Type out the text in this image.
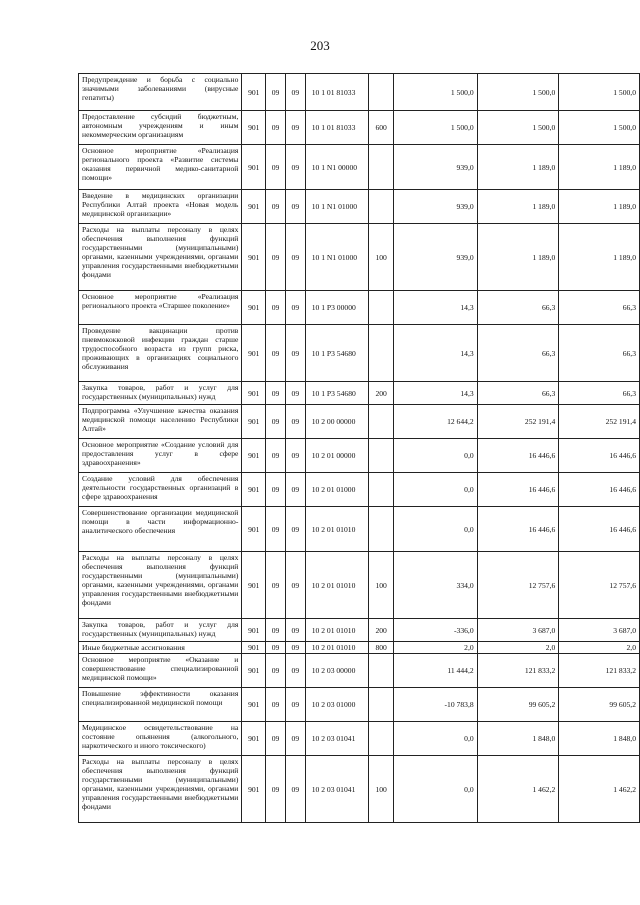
203
Предупреждение и борьба с социально значимыми заболеваниями (вирусные гепатиты)	901	09	09	10 1 01 81033		1 500,0	1 500,0	1 500,0
Предоставление субсидий бюджетным, автономным учреждениям и иным некоммерческим организациям	901	09	09	10 1 01 81033	600	1 500,0	1 500,0	1 500,0
Основное мероприятие «Реализация регионального проекта «Развитие системы оказания первичной медико-санитарной помощи»	901	09	09	10 1 N1 00000		939,0	1 189,0	1 189,0
Введение в медицинских организации Республики Алтай проекта «Новая модель медицинской организации»	901	09	09	10 1 N1 01000		939,0	1 189,0	1 189,0
Расходы на выплаты персоналу в целях обеспечения выполнения функций государственными (муниципальными) органами, казенными учреждениями, органами управления государственными внебюджетными фондами	901	09	09	10 1 N1 01000	100	939,0	1 189,0	1 189,0
Основное мероприятие «Реализация регионального проекта «Старшее поколение»	901	09	09	10 1 P3 00000		14,3	66,3	66,3
Проведение вакцинации против пневмококковой инфекции граждан старше трудоспособного возраста из групп риска, проживающих в организациях социального обслуживания	901	09	09	10 1 P3 54680		14,3	66,3	66,3
Закупка товаров, работ и услуг для государственных (муниципальных) нужд	901	09	09	10 1 P3 54680	200	14,3	66,3	66,3
Подпрограмма «Улучшение качества оказания медицинской помощи населению Республики Алтай»	901	09	09	10 2 00 00000		12 644,2	252 191,4	252 191,4
Основное мероприятие «Создание условий для предоставления услуг в сфере здравоохранения»	901	09	09	10 2 01 00000		0,0	16 446,6	16 446,6
Создание условий для обеспечения деятельности государственных организаций в сфере здравоохранения	901	09	09	10 2 01 01000		0,0	16 446,6	16 446,6
Совершенствование организации медицинской помощи в части информационно-аналитического обеспечения	901	09	09	10 2 01 01010		0,0	16 446,6	16 446,6
Расходы на выплаты персоналу в целях обеспечения выполнения функций государственными (муниципальными) органами, казенными учреждениями, органами управления государственными внебюджетными фондами	901	09	09	10 2 01 01010	100	334,0	12 757,6	12 757,6
Закупка товаров, работ и услуг для государственных (муниципальных) нужд	901	09	09	10 2 01 01010	200	-336,0	3 687,0	3 687,0
Иные бюджетные ассигнования	901	09	09	10 2 01 01010	800	2,0	2,0	2,0
Основное мероприятие «Оказание и совершенствование специализированной медицинской помощи»	901	09	09	10 2 03 00000		11 444,2	121 833,2	121 833,2
Повышение эффективности оказания специализированной медицинской помощи	901	09	09	10 2 03 01000		-10 783,8	99 605,2	99 605,2
Медицинское освидетельствование на состояние опьянения (алкогольного, наркотического и иного токсического)	901	09	09	10 2 03 01041		0,0	1 848,0	1 848,0
Расходы на выплаты персоналу в целях обеспечения выполнения функций государственными (муниципальными) органами, казенными учреждениями, органами управления государственными внебюджетными фондами	901	09	09	10 2 03 01041	100	0,0	1 462,2	1 462,2
